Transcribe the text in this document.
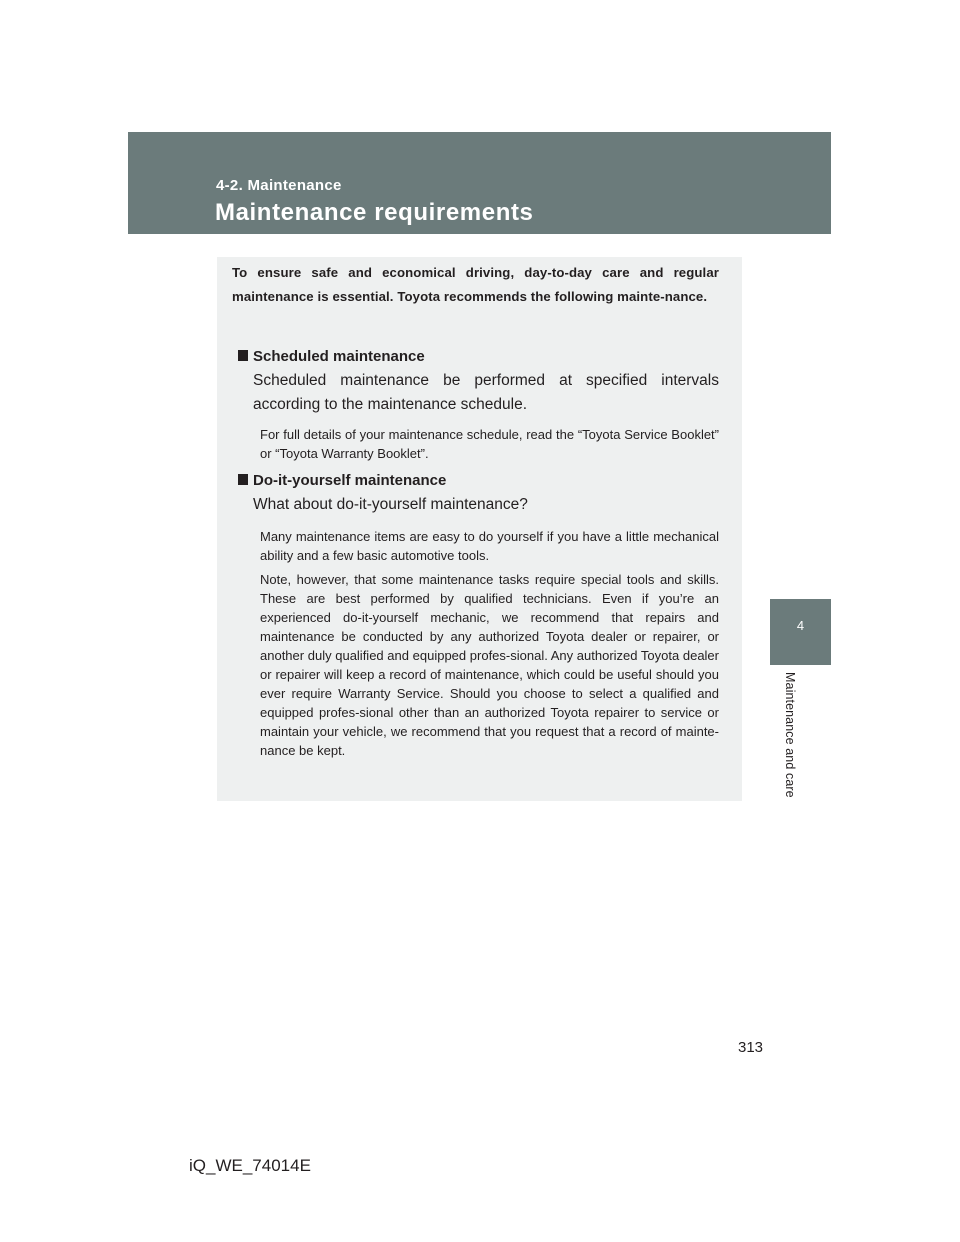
4-2. Maintenance
Maintenance requirements
4
Maintenance and care
To ensure safe and economical driving, day-to-day care and regular maintenance is essential. Toyota recommends the following mainte-nance.
Scheduled maintenance
Scheduled maintenance be performed at specified intervals according to the maintenance schedule.
For full details of your maintenance schedule, read the “Toyota Service Booklet” or “Toyota Warranty Booklet”.
Do-it-yourself maintenance
What about do-it-yourself maintenance?
Many maintenance items are easy to do yourself if you have a little mechanical ability and a few basic automotive tools.
Note, however, that some maintenance tasks require special tools and skills. These are best performed by qualified technicians. Even if you’re an experienced do-it-yourself mechanic, we recommend that repairs and maintenance be conducted by any authorized Toyota dealer or repairer, or another duly qualified and equipped profes-sional. Any authorized Toyota dealer or repairer will keep a record of maintenance, which could be useful should you ever require Warranty Service. Should you choose to select a qualified and equipped profes-sional other than an authorized Toyota repairer to service or maintain your vehicle, we recommend that you request that a record of mainte-nance be kept.
313
iQ_WE_74014E
